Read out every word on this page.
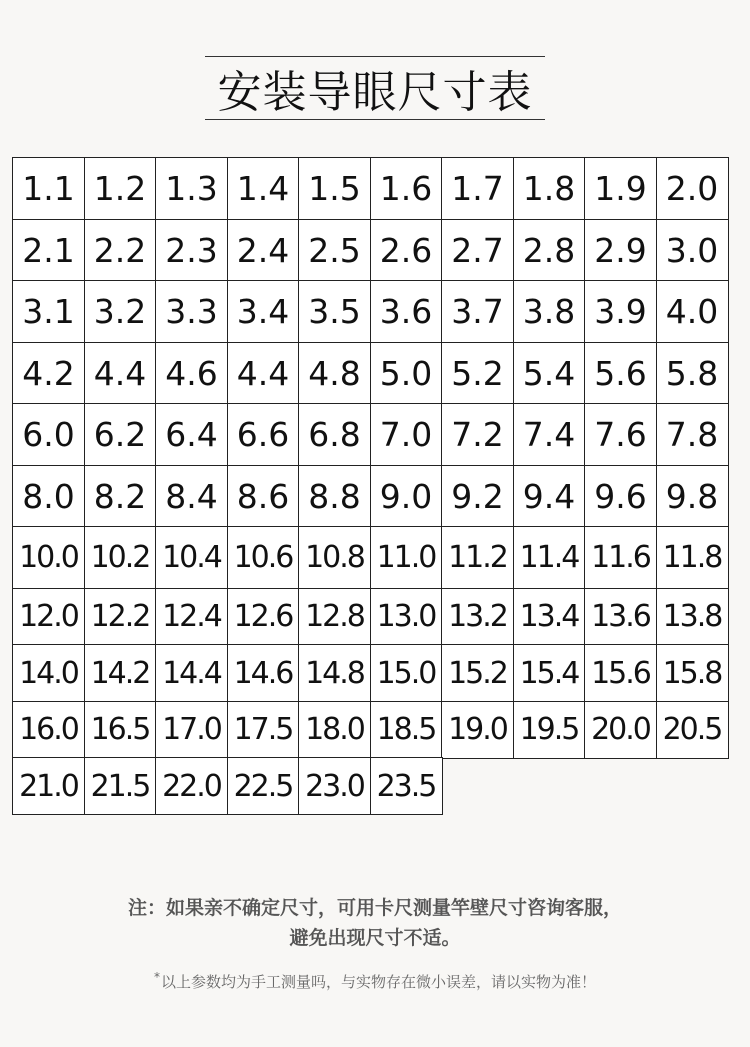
安装导眼尺寸表
1.1 1.2 1.3 1.4 1.5 1.6 1.7 1.8 1.9 2.0
2.1 2.2 2.3 2.4 2.5 2.6 2.7 2.8 2.9 3.0
3.1 3.2 3.3 3.4 3.5 3.6 3.7 3.8 3.9 4.0
4.2 4.4 4.6 4.4 4.8 5.0 5.2 5.4 5.6 5.8
6.0 6.2 6.4 6.6 6.8 7.0 7.2 7.4 7.6 7.8
8.0 8.2 8.4 8.6 8.8 9.0 9.2 9.4 9.6 9.8
10.0 10.2 10.4 10.6 10.8 11.0 11.2 11.4 11.6 11.8
12.0 12.2 12.4 12.6 12.8 13.0 13.2 13.4 13.6 13.8
14.0 14.2 14.4 14.6 14.8 15.0 15.2 15.4 15.6 15.8
16.0 16.5 17.0 17.5 18.0 18.5 19.0 19.5 20.0 20.5
21.0 21.5 22.0 22.5 23.0 23.5
注：如果亲不确定尺寸，可用卡尺测量竿壁尺寸咨询客服，
避免出现尺寸不适。
*以上参数均为手工测量吗，与实物存在微小误差，请以实物为准！
